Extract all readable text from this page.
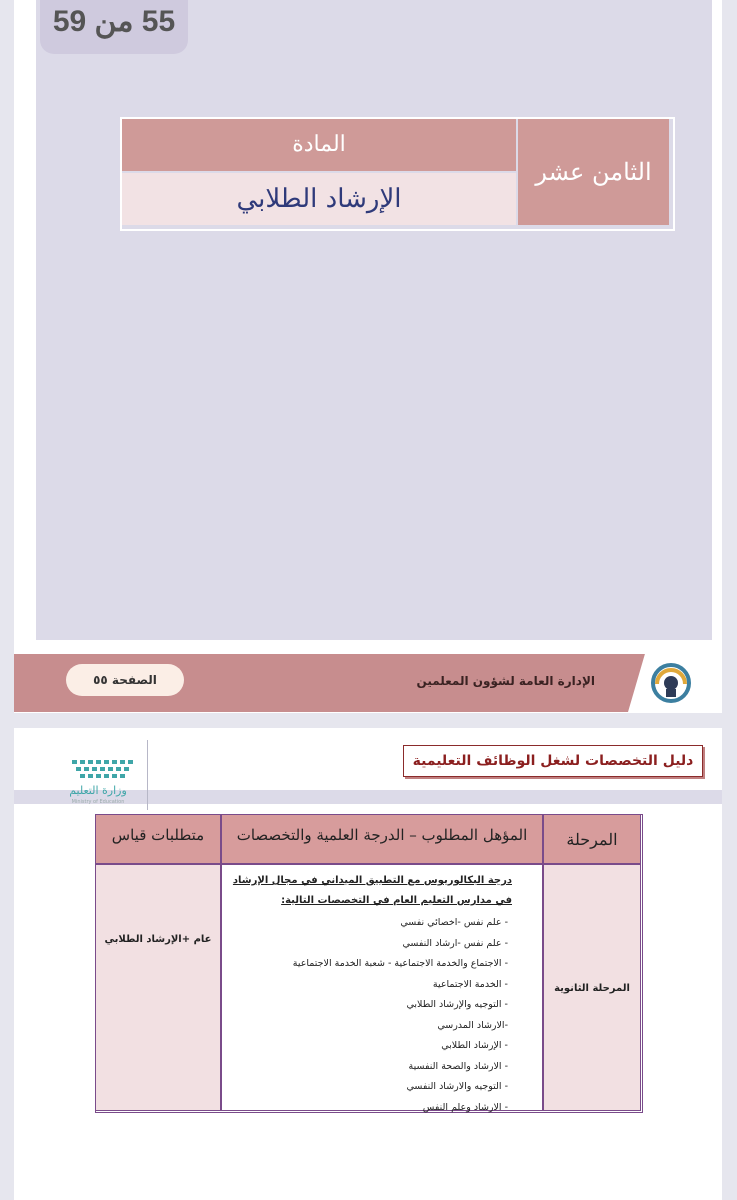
55 من 59
الثامن عشر
المادة
الإرشاد الطلابي
الإدارة العامة لشؤون المعلمين
الصفحة ٥٥
دليل التخصصات لشغل الوظائف التعليمية
وزارة التعليم
Ministry of Education
المرحلة
المؤهل المطلوب – الدرجة العلمية والتخصصات
متطلبات قياس
المرحلة الثانوية
درجة البكالوريوس مع التطبيق الميداني في مجال الإرشاد في مدارس التعليم العام في التخصصات التالية:
- علم نفس -اخصائي نفسي
- علم نفس -ارشاد النفسي
- الاجتماع والخدمة الاجتماعية - شعبة الخدمة الاجتماعية
- الخدمة الاجتماعية
- التوجيه والإرشاد الطلابي
-الارشاد المدرسي
- الإرشاد الطلابي
- الارشاد والصحة النفسية
- التوجيه والارشاد النفسي
- الارشاد وعلم النفس
عام +الإرشاد الطلابي
